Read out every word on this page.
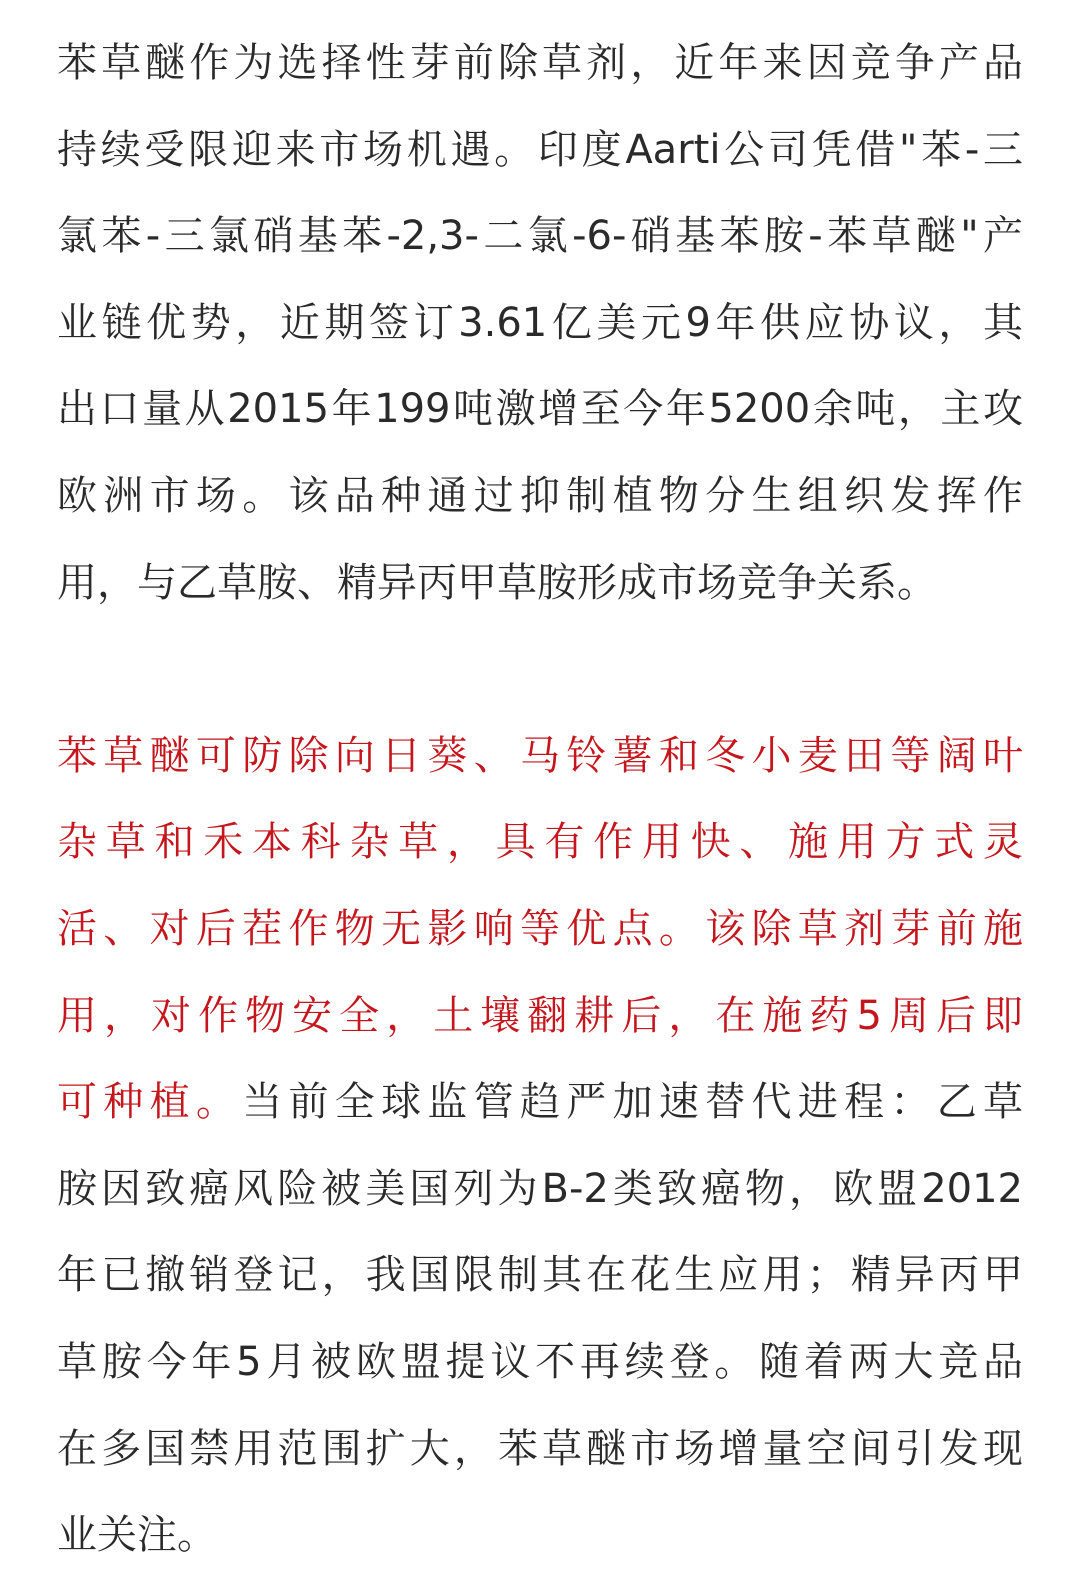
苯草醚作为选择性芽前除草剂，近年来因竞争产品
持续受限迎来市场机遇。印度Aarti公司凭借"苯-三
氯苯-三氯硝基苯-2,3-二氯-6-硝基苯胺-苯草醚"产
业链优势，近期签订3.61亿美元9年供应协议，其
出口量从2015年199吨激增至今年5200余吨，主攻
欧洲市场。该品种通过抑制植物分生组织发挥作
用，与乙草胺、精异丙甲草胺形成市场竞争关系。
苯草醚可防除向日葵、马铃薯和冬小麦田等阔叶
杂草和禾本科杂草，具有作用快、施用方式灵
活、对后茬作物无影响等优点。该除草剂芽前施
用，对作物安全，土壤翻耕后，在施药5周后即
可种植。当前全球监管趋严加速替代进程：乙草
胺因致癌风险被美国列为B-2类致癌物，欧盟2012
年已撤销登记，我国限制其在花生应用；精异丙甲
草胺今年5月被欧盟提议不再续登。随着两大竞品
在多国禁用范围扩大，苯草醚市场增量空间引发现
业关注。
